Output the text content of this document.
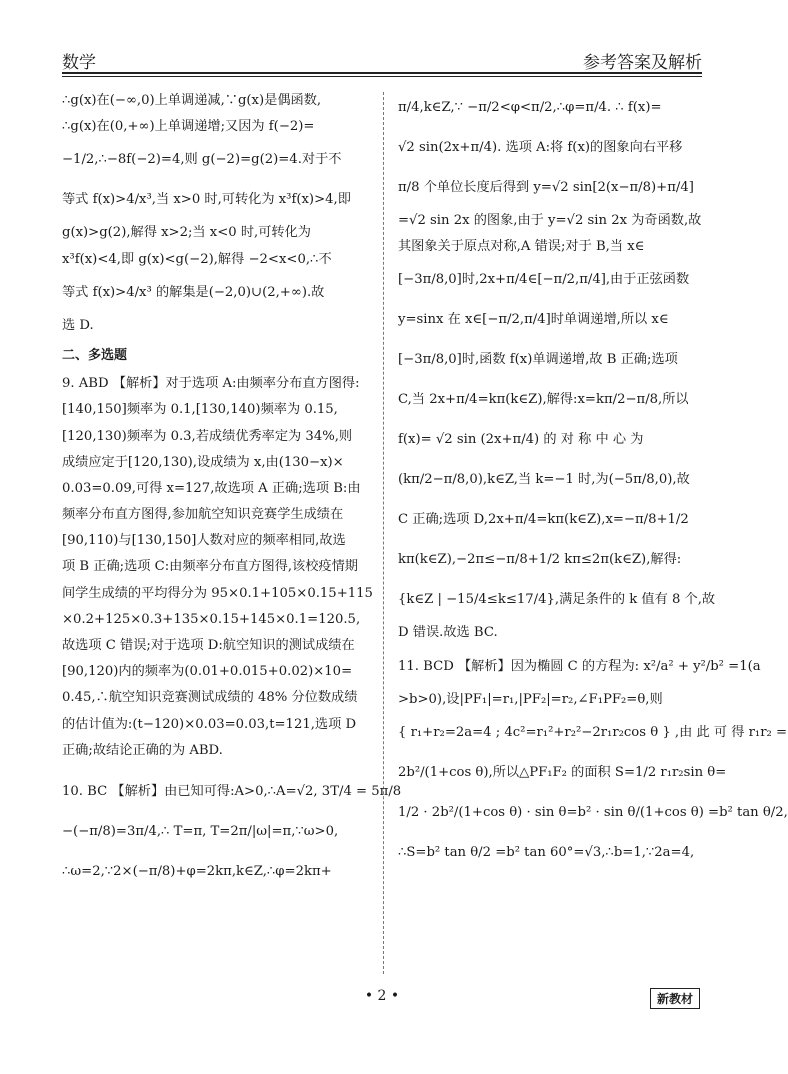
数学	参考答案及解析
∴g(x)在(−∞,0)上单调递减,∵g(x)是偶函数,
∴g(x)在(0,+∞)上单调递增;又因为 f(−2)=
−1/2,∴−8f(−2)=4,则 g(−2)=g(2)=4.对于不
等式 f(x)>4/x³,当 x>0 时,可转化为 x³f(x)>4,即
g(x)>g(2),解得 x>2;当 x<0 时,可转化为
x³f(x)<4,即 g(x)<g(−2),解得 −2<x<0,∴不
等式 f(x)>4/x³ 的解集是(−2,0)∪(2,+∞).故
选 D.
二、多选题
9. ABD 【解析】对于选项 A:由频率分布直方图得:
[140,150]频率为 0.1,[130,140)频率为 0.15,
[120,130)频率为 0.3,若成绩优秀率定为 34%,则
成绩应定于[120,130),设成绩为 x,由(130−x)×
0.03=0.09,可得 x=127,故选项 A 正确;选项 B:由
频率分布直方图得,参加航空知识竞赛学生成绩在
[90,110)与[130,150]人数对应的频率相同,故选
项 B 正确;选项 C:由频率分布直方图得,该校疫情期
间学生成绩的平均得分为 95×0.1+105×0.15+115
×0.2+125×0.3+135×0.15+145×0.1=120.5,
故选项 C 错误;对于选项 D:航空知识的测试成绩在
[90,120)内的频率为(0.01+0.015+0.02)×10=
0.45,∴航空知识竞赛测试成绩的 48% 分位数成绩
的估计值为:(t−120)×0.03=0.03,t=121,选项 D
正确;故结论正确的为 ABD.
10. BC 【解析】由已知可得:A>0,∴A=√2, 3T/4 = 5π/8
−(−π/8)=3π/4,∴ T=π, T=2π/|ω|=π,∵ω>0,
∴ω=2,∵2×(−π/8)+φ=2kπ,k∈Z,∴φ=2kπ+
π/4,k∈Z,∵ −π/2<φ<π/2,∴φ=π/4. ∴ f(x)=
√2 sin(2x+π/4). 选项 A:将 f(x)的图象向右平移
π/8 个单位长度后得到 y=√2 sin[2(x−π/8)+π/4]
=√2 sin 2x 的图象,由于 y=√2 sin 2x 为奇函数,故
其图象关于原点对称,A 错误;对于 B,当 x∈
[−3π/8,0]时,2x+π/4∈[−π/2,π/4],由于正弦函数
y=sinx 在 x∈[−π/2,π/4]时单调递增,所以 x∈
[−3π/8,0]时,函数 f(x)单调递增,故 B 正确;选项
C,当 2x+π/4=kπ(k∈Z),解得:x=kπ/2−π/8,所以
f(x)= √2 sin (2x+π/4) 的 对 称 中 心 为
(kπ/2−π/8,0),k∈Z,当 k=−1 时,为(−5π/8,0),故
C 正确;选项 D,2x+π/4=kπ(k∈Z),x=−π/8+1/2
kπ(k∈Z),−2π≤−π/8+1/2 kπ≤2π(k∈Z),解得:
{k∈Z | −15/4≤k≤17/4},满足条件的 k 值有 8 个,故
D 错误.故选 BC.
11. BCD 【解析】因为椭圆 C 的方程为: x²/a² + y²/b² =1(a
>b>0),设|PF₁|=r₁,|PF₂|=r₂,∠F₁PF₂=θ,则
{ r₁+r₂=2a=4 ; 4c²=r₁²+r₂²−2r₁r₂cos θ } ,由 此 可 得 r₁r₂ =
2b²/(1+cos θ),所以△PF₁F₂ 的面积 S=1/2 r₁r₂sin θ=
1/2 · 2b²/(1+cos θ) · sin θ=b² · sin θ/(1+cos θ) =b² tan θ/2,
∴S=b² tan θ/2 =b² tan 60°=√3,∴b=1,∵2a=4,
• 2 •	新教材
